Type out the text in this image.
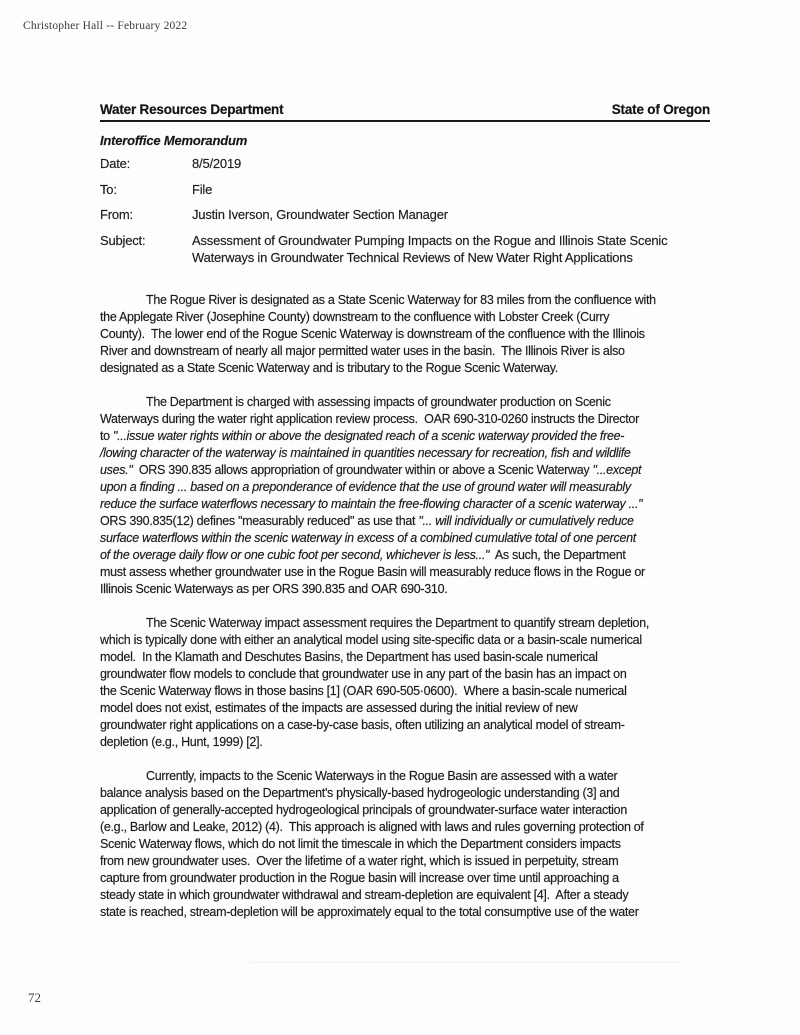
Christopher Hall -- February 2022
Water Resources Department	State of Oregon
Interoffice Memorandum
Date:	8/5/2019
To:	File
From:	Justin Iverson, Groundwater Section Manager
Subject:	Assessment of Groundwater Pumping Impacts on the Rogue and Illinois State Scenic
Waterways in Groundwater Technical Reviews of New Water Right Applications
The Rogue River is designated as a State Scenic Waterway for 83 miles from the confluence with
the Applegate River (Josephine County) downstream to the confluence with Lobster Creek (Curry
County).  The lower end of the Rogue Scenic Waterway is downstream of the confluence with the Illinois
River and downstream of nearly all major permitted water uses in the basin.  The Illinois River is also
designated as a State Scenic Waterway and is tributary to the Rogue Scenic Waterway.
The Department is charged with assessing impacts of groundwater production on Scenic
Waterways during the water right application review process.  OAR 690-310-0260 instructs the Director
to "...issue water rights within or above the designated reach of a scenic waterway provided the free-
/lowing character of the waterway is maintained in quantities necessary for recreation, fish and wildlife
uses."  ORS 390.835 allows appropriation of groundwater within or above a Scenic Waterway "...except
upon a finding ... based on a preponderance of evidence that the use of ground water will measurably
reduce the surface waterflows necessary to maintain the free-flowing character of a scenic waterway ..."
ORS 390.835(12) defines "measurably reduced" as use that "... will individually or cumulatively reduce
surface waterflows within the scenic waterway in excess of a combined cumulative total of one percent
of the overage daily flow or one cubic foot per second, whichever is less..."  As such, the Department
must assess whether groundwater use in the Rogue Basin will measurably reduce flows in the Rogue or
Illinois Scenic Waterways as per ORS 390.835 and OAR 690-310.
The Scenic Waterway impact assessment requires the Department to quantify stream depletion,
which is typically done with either an analytical model using site-specific data or a basin-scale numerical
model.  In the Klamath and Deschutes Basins, the Department has used basin-scale numerical
groundwater flow models to conclude that groundwater use in any part of the basin has an impact on
the Scenic Waterway flows in those basins [1] (OAR 690-505·0600).  Where a basin-scale numerical
model does not exist, estimates of the impacts are assessed during the initial review of new
groundwater right applications on a case-by-case basis, often utilizing an analytical model of stream-
depletion (e.g., Hunt, 1999) [2].
Currently, impacts to the Scenic Waterways in the Rogue Basin are assessed with a water
balance analysis based on the Department's physically-based hydrogeologic understanding (3] and
application of generally-accepted hydrogeological principals of groundwater-surface water interaction
(e.g., Barlow and Leake, 2012) (4).  This approach is aligned with laws and rules governing protection of
Scenic Waterway flows, which do not limit the timescale in which the Department considers impacts
from new groundwater uses.  Over the lifetime of a water right, which is issued in perpetuity, stream
capture from groundwater production in the Rogue basin will increase over time until approaching a
steady state in which groundwater withdrawal and stream-depletion are equivalent [4].  After a steady
state is reached, stream-depletion will be approximately equal to the total consumptive use of the water
72
